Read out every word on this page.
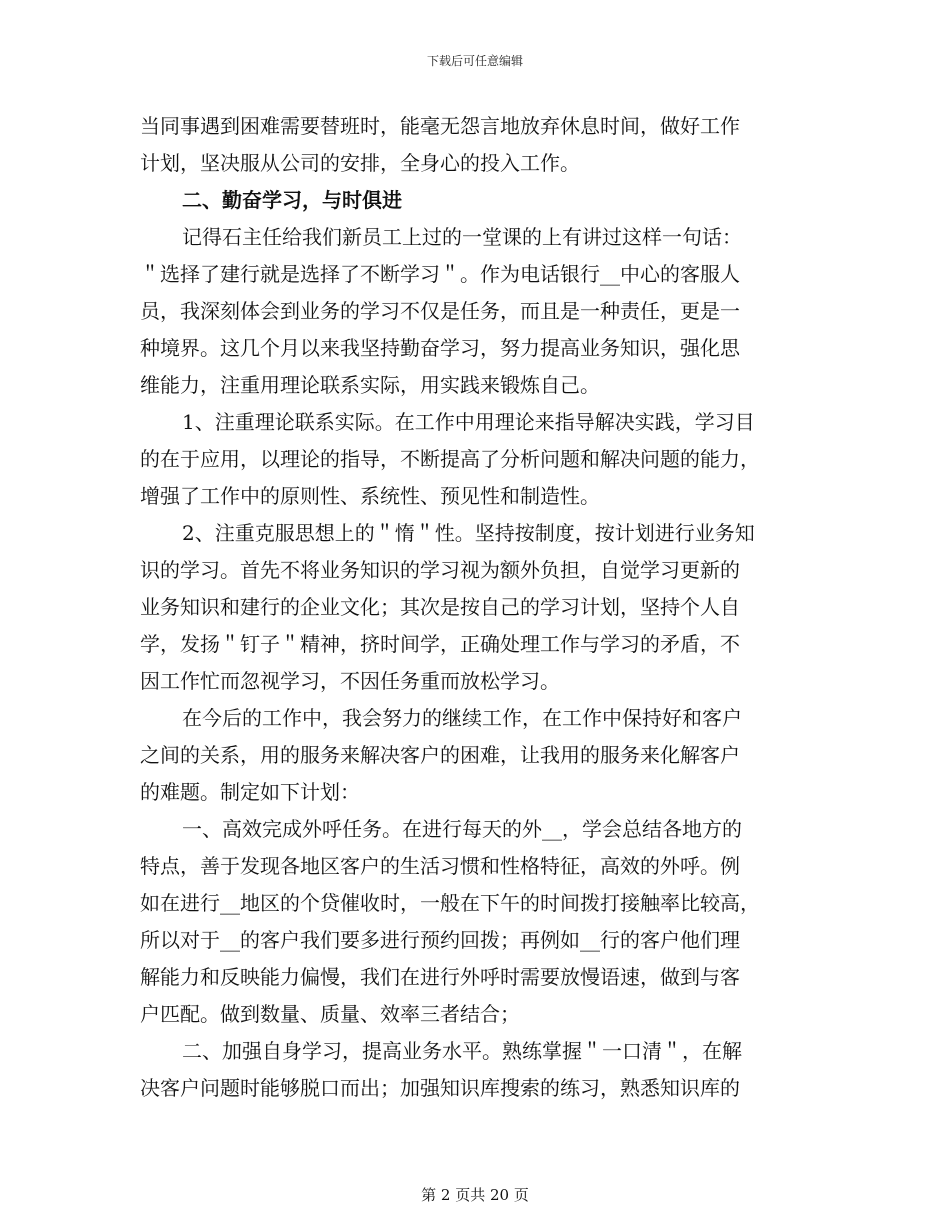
下载后可任意编辑
当同事遇到困难需要替班时，能毫无怨言地放弃休息时间，做好工作
计划，坚决服从公司的安排，全身心的投入工作。
二、勤奋学习，与时俱进
记得石主任给我们新员工上过的一堂课的上有讲过这样一句话：
＂选择了建行就是选择了不断学习＂。作为电话银行__中心的客服人
员，我深刻体会到业务的学习不仅是任务，而且是一种责任，更是一
种境界。这几个月以来我坚持勤奋学习，努力提高业务知识，强化思
维能力，注重用理论联系实际，用实践来锻炼自己。
1、注重理论联系实际。在工作中用理论来指导解决实践，学习目
的在于应用，以理论的指导，不断提高了分析问题和解决问题的能力，
增强了工作中的原则性、系统性、预见性和制造性。
2、注重克服思想上的＂惰＂性。坚持按制度，按计划进行业务知
识的学习。首先不将业务知识的学习视为额外负担，自觉学习更新的
业务知识和建行的企业文化；其次是按自己的学习计划，坚持个人自
学，发扬＂钉子＂精神，挤时间学，正确处理工作与学习的矛盾，不
因工作忙而忽视学习，不因任务重而放松学习。
在今后的工作中，我会努力的继续工作，在工作中保持好和客户
之间的关系，用的服务来解决客户的困难，让我用的服务来化解客户
的难题。制定如下计划：
一、高效完成外呼任务。在进行每天的外__，学会总结各地方的
特点，善于发现各地区客户的生活习惯和性格特征，高效的外呼。例
如在进行__地区的个贷催收时，一般在下午的时间拨打接触率比较高，
所以对于__的客户我们要多进行预约回拨；再例如__行的客户他们理
解能力和反映能力偏慢，我们在进行外呼时需要放慢语速，做到与客
户匹配。做到数量、质量、效率三者结合；
二、加强自身学习，提高业务水平。熟练掌握＂一口清＂，在解
决客户问题时能够脱口而出；加强知识库搜索的练习，熟悉知识库的
第 2 页共 20 页
